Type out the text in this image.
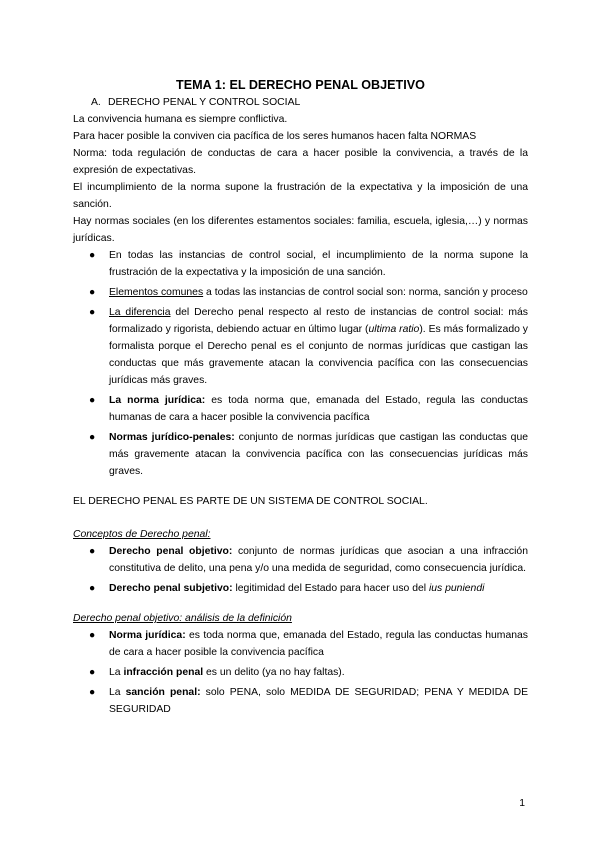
TEMA 1: EL DERECHO PENAL OBJETIVO

A. DERECHO PENAL Y CONTROL SOCIAL

La convivencia humana es siempre conflictiva.

Para hacer posible la conviven cia pacífica de los seres humanos hacen falta NORMAS

Norma: toda regulación de conductas de cara a hacer posible la convivencia, a través de la expresión de expectativas.

El incumplimiento de la norma supone la frustración de la expectativa y la imposición de una sanción.

Hay normas sociales (en los diferentes estamentos sociales: familia, escuela, iglesia,…) y normas jurídicas.

● En todas las instancias de control social, el incumplimiento de la norma supone la frustración de la expectativa y la imposición de una sanción.
● Elementos comunes a todas las instancias de control social son: norma, sanción y proceso
● La diferencia del Derecho penal respecto al resto de instancias de control social: más formalizado y rigorista, debiendo actuar en último lugar (ultima ratio). Es más formalizado y formalista porque el Derecho penal es el conjunto de normas jurídicas que castigan las conductas que más gravemente atacan la convivencia pacífica con las consecuencias jurídicas más graves.
● La norma jurídica: es toda norma que, emanada del Estado, regula las conductas humanas de cara a hacer posible la convivencia pacífica
● Normas jurídico-penales: conjunto de normas jurídicas que castigan las conductas que más gravemente atacan la convivencia pacífica con las consecuencias jurídicas más graves.

EL DERECHO PENAL ES PARTE DE UN SISTEMA DE CONTROL SOCIAL.

Conceptos de Derecho penal:

● Derecho penal objetivo: conjunto de normas jurídicas que asocian a una infracción constitutiva de delito, una pena y/o una medida de seguridad, como consecuencia jurídica.
● Derecho penal subjetivo: legitimidad del Estado para hacer uso del ius puniendi

Derecho penal objetivo: análisis de la definición

● Norma jurídica: es toda norma que, emanada del Estado, regula las conductas humanas de cara a hacer posible la convivencia pacífica
● La infracción penal es un delito (ya no hay faltas).
● La sanción penal: solo PENA, solo MEDIDA DE SEGURIDAD; PENA Y MEDIDA DE SEGURIDAD
1
